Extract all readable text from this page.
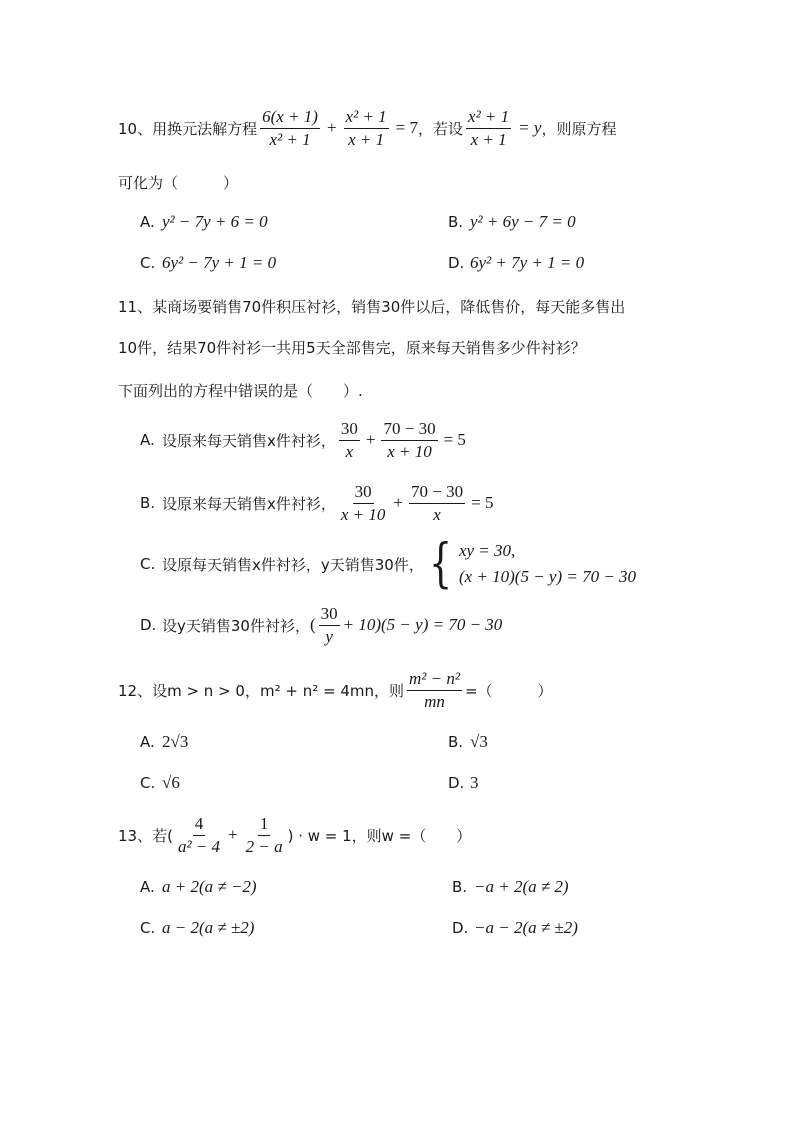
10、 用换元法解方程 $\frac{6(x + 1)}{\text{x² + 1}} + \frac{\text{x² + 1}}{x + 1} = 7$ ，若设 $\frac{\text{x² + 1}}{x + 1} = y$ ，则原方程
可化为（　　　）
A. y² − 7y + 6 = 0	B. y² + 6y − 7 = 0
C. 6y² − 7y + 1 = 0	D. 6y² + 7y + 1 = 0
11、 某商场要销售70件积压衬衫，销售30件以后，降低售价，每天能多售出
10件，结果70件衬衫一共用5天全部售完，原来每天销售多少件衬衫？
下面列出的方程中错误的是（　　）.
A. 设原来每天销售x件衬衫， $\frac{30}{x} + \frac{70 - 30}{x + 10} = 5$
B. 设原来每天销售x件衬衫， $\frac{30}{x + 10} + \frac{70 - 30}{x} = 5$
C. 设原每天销售x件衬衫，y天销售30件， { xy = 30,
(x + 10)(5 − y) = 70 − 30
D. 设y天销售30件衬衫， ( $\frac{30}{y} + 10)(5 - y) = 70 - 30$
12、 设m > n > 0，m² + n² = 4mn，则 $\frac{\text{m² − n²}}{mn}$ =（　　　）
A. 2√3	B. √3
C. √6	D. 3
13、 若( $\frac{4}{\text{a² − 4}} + \frac{1}{2 - a}$ ) · w = 1，则w =（　　）
A. a + 2(a ≠ −2)	B. −a + 2(a ≠ 2)
C. a − 2(a ≠ ±2)	D. −a − 2(a ≠ ±2)
